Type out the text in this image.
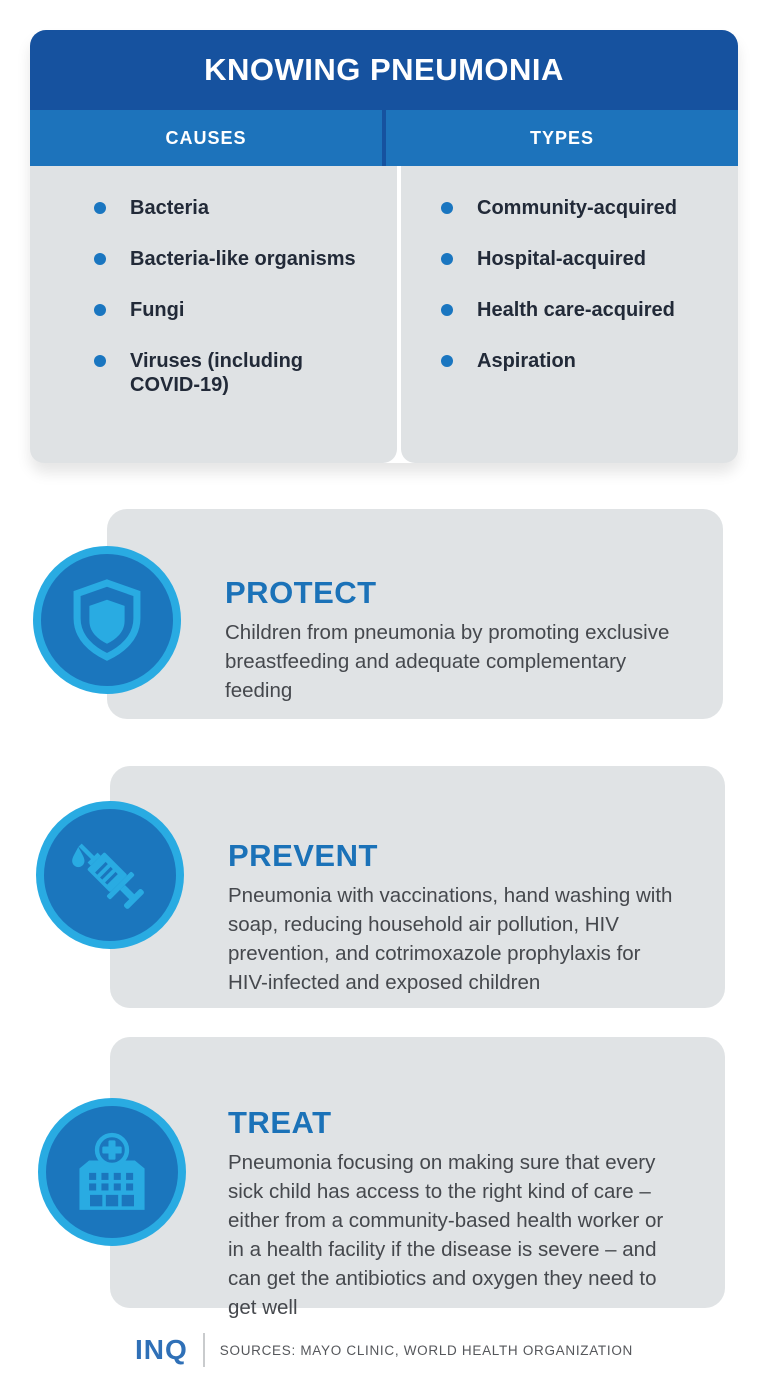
KNOWING PNEUMONIA
CAUSES	TYPES
Bacteria
Bacteria-like organisms
Fungi
Viruses (including COVID-19)
Community-acquired
Hospital-acquired
Health care-acquired
Aspiration
PROTECT

Children from pneumonia by promoting exclusive breastfeeding and adequate complementary feeding

PREVENT

Pneumonia with vaccinations, hand washing with soap, reducing household air pollution, HIV prevention, and cotrimoxazole prophylaxis for HIV-infected and exposed children

TREAT

Pneumonia focusing on making sure that every sick child has access to the right kind of care – either from a community-based health worker or in a health facility if the disease is severe – and can get the antibiotics and oxygen they need to get well

INQ SOURCES: MAYO CLINIC, WORLD HEALTH ORGANIZATION
